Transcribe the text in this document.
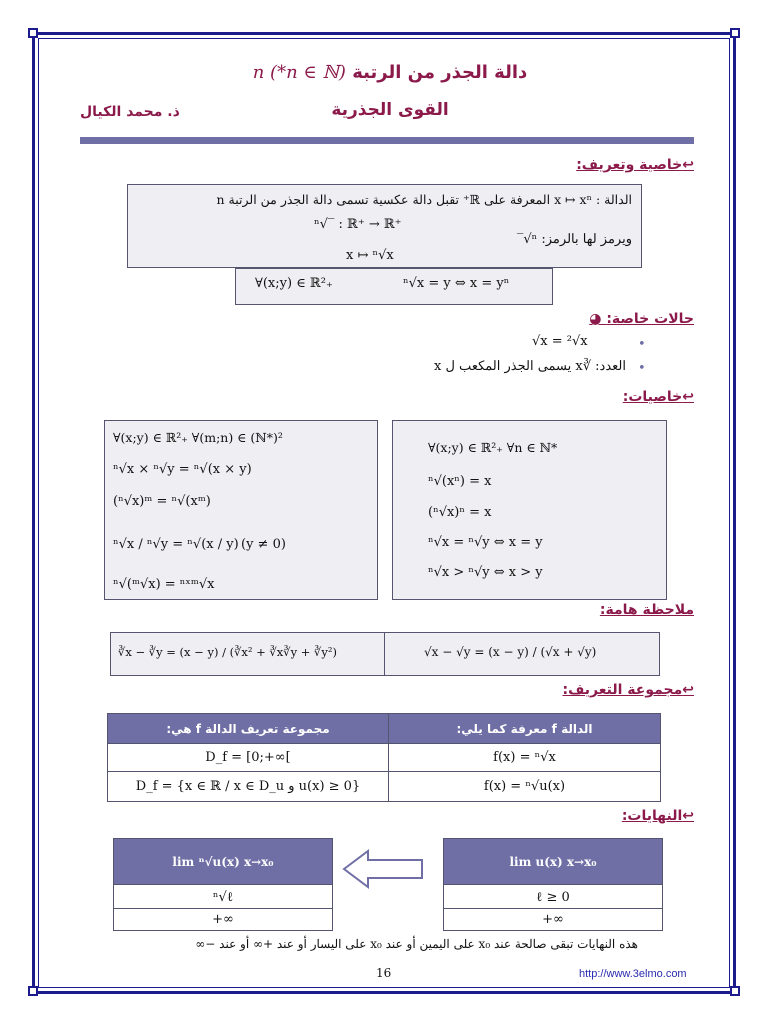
دالة الجذر من الرتبة (n ∈ ℕ*) n
القوى الجذرية
ذ. محمد الكيال
↩خاصية وتعريف:
الدالة : x ↦ xⁿ المعرفة على ℝ⁺ تقبل دالة عكسية تسمى دالة الجذر من الرتبة n
ⁿ√‾ : ℝ⁺ → ℝ⁺
ويرمز لها بالرمز: ⁿ√‾
x ↦ ⁿ√x
∀(x;y) ∈ ℝ²₊	ⁿ√x = y ⇔ x = yⁿ
حالات خاصة: ◕
•
√x = ²√x
•
العدد: ∛x يسمى الجذر المكعب ل x
↩خاصيات:
∀(x;y) ∈ ℝ²₊ ∀(m;n) ∈ (ℕ*)²
ⁿ√x × ⁿ√y = ⁿ√(x × y)
(ⁿ√x)ᵐ = ⁿ√(xᵐ)
ⁿ√x / ⁿ√y = ⁿ√(x / y) (y ≠ 0)
ⁿ√(ᵐ√x) = ⁿˣᵐ√x
∀(x;y) ∈ ℝ²₊ ∀n ∈ ℕ*
ⁿ√(xⁿ) = x
(ⁿ√x)ⁿ = x
ⁿ√x = ⁿ√y ⇔ x = y
ⁿ√x > ⁿ√y ⇔ x > y
ملاحظة هامة:
∛x − ∛y = (x − y) / (∛x² + ∛x∛y + ∛y²)	√x − √y = (x − y) / (√x + √y)
↩مجموعة التعريف:
مجموعة تعريف الدالة f هي:	الدالة f معرفة كما يلي:
D_f = [0;+∞[	f(x) = ⁿ√x
D_f = {x ∈ ℝ / x ∈ D_u و u(x) ≥ 0}	f(x) = ⁿ√u(x)
↩النهايات:
lim ⁿ√u(x) x→x₀
ⁿ√ℓ
+∞
lim u(x) x→x₀
ℓ ≥ 0
+∞
هذه النهايات تبقى صالحة عند x₀ على اليمين أو عند x₀ على اليسار أو عند +∞ أو عند −∞
16	http://www.3elmo.com
